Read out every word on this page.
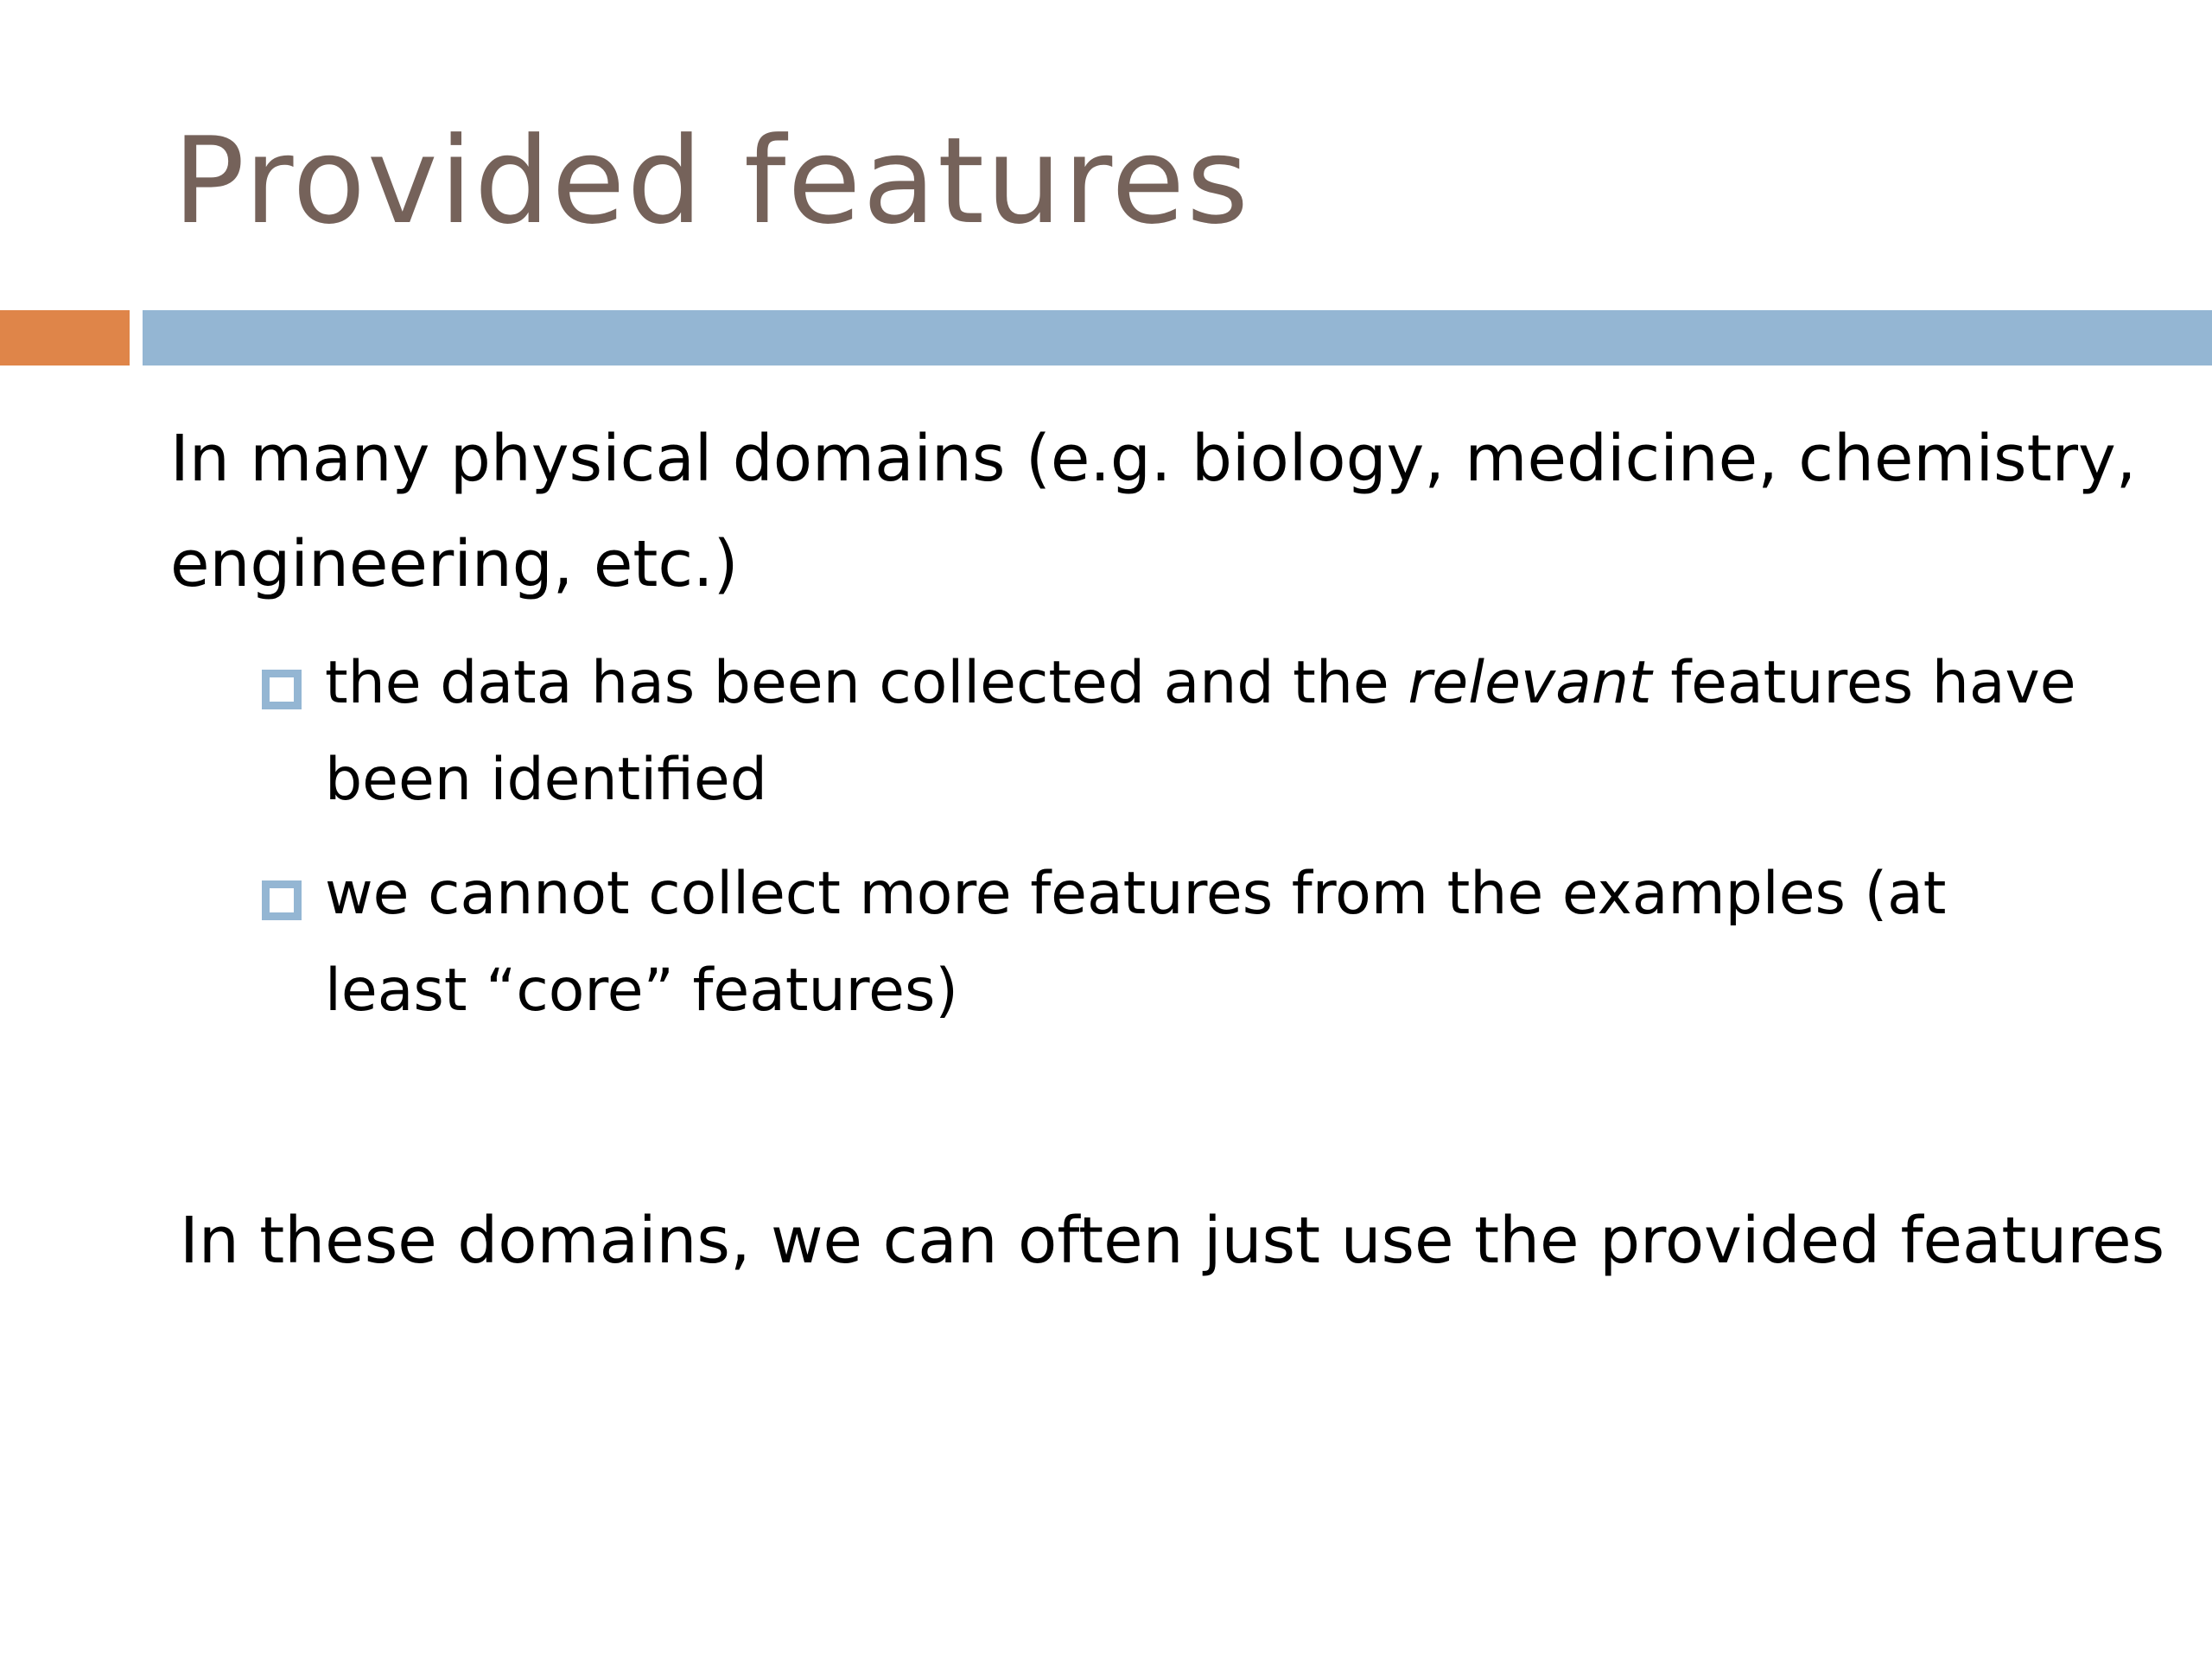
Provided features
In many physical domains (e.g. biology, medicine, chemistry, engineering, etc.)
the data has been collected and the relevant features have been identified
we cannot collect more features from the examples (at least “core” features)
In these domains, we can often just use the provided features
